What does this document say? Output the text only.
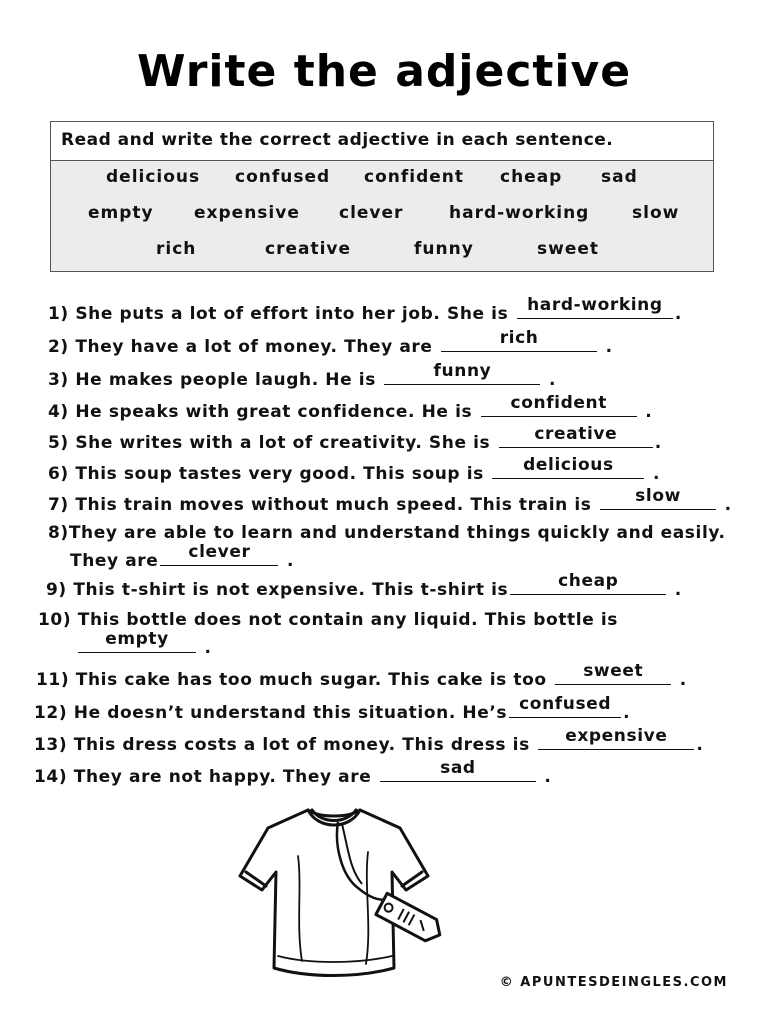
Write the adjective
Read and write the correct adjective in each sentence.
delicious confused confident cheap sad
empty expensive clever	hard-working	slow
rich	creative	funny	sweet
1) She puts a lot of effort into her job. She is	hard-working .
2) They have a lot of money. They are	rich	.
3) He makes people laugh. He is	funny	.
4) He speaks with great confidence. He is	confident	.
5) She writes with a lot of creativity. She is	creative	.
6) This soup tastes very good. This soup is	delicious	.
7) This train moves without much speed. This train is	slow	.
8)They are able to learn and understand things quickly and easily.
They are	clever	.
9) This t-shirt is not expensive. This t-shirt is	cheap	.
10) This bottle does not contain any liquid. This bottle is
empty	.
11) This cake has too much sugar. This cake is too	sweet	.
12) He doesn’t understand this situation. He’s confused .
13) This dress costs a lot of money. This dress is	expensive	.
14) They are not happy. They are	sad	.
© APUNTESDEINGLES.COM
